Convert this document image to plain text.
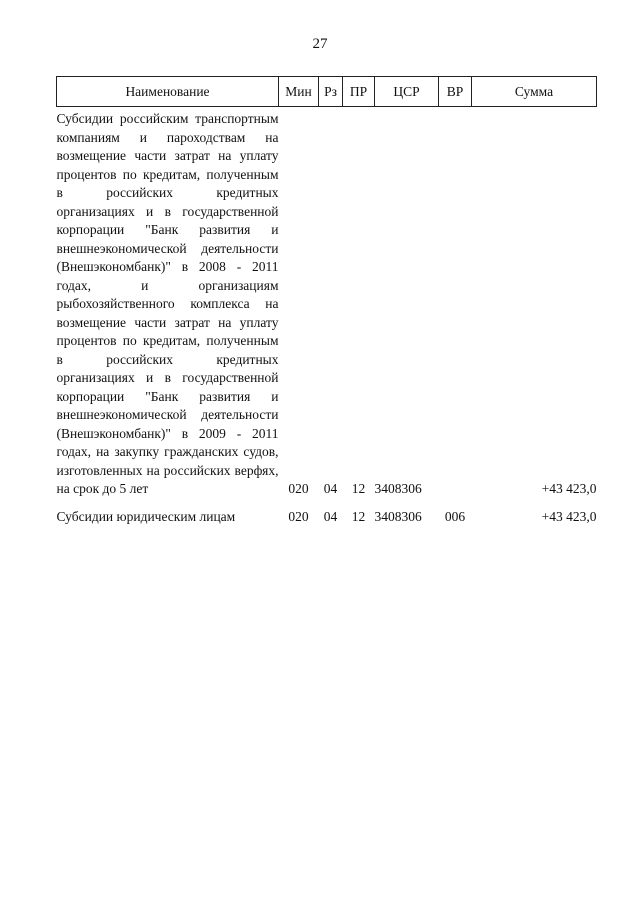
27
Наименование	Мин	Рз	ПР	ЦСР	ВР	Сумма
Субсидии российским транспортным компаниям и пароходствам на возмещение части затрат на уплату процентов по кредитам, полученным в российских кредитных организациях и в государственной корпорации "Банк развития и внешнеэкономической деятельности (Внешэкономбанк)" в 2008 - 2011 годах, и организациям рыбохозяйственного комплекса на возмещение части затрат на уплату процентов по кредитам, полученным в российских кредитных организациях и в государственной корпорации "Банк развития и внешнеэкономической деятельности (Внешэкономбанк)" в 2009 - 2011 годах, на закупку гражданских судов, изготовленных на российских верфях, на срок до 5 лет	020	04	12	3408306		+43 423,0
Субсидии юридическим лицам	020	04	12	3408306	006	+43 423,0
